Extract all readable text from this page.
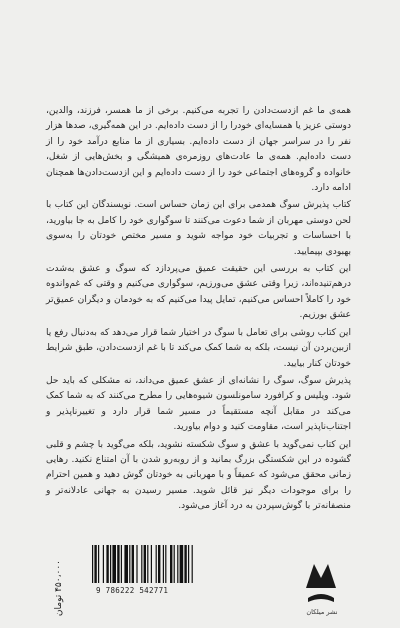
همه‌ی ما غم ازدست‌دادن را تجربه می‌کنیم. برخی از ما همسر، فرزند، والدین، دوستی عزیز یا همسایه‌ای خودرا را از دست داده‌ایم. در این همه‌گیری، صدها هزار نفر را در سراسر جهان از دست داده‌ایم. بسیاری از ما منابع درآمد خود را از دست داده‌ایم. همه‌ی ما عادت‌های روزمره‌ی همیشگی و بخش‌هایی از شغل، خانواده و گروه‌های اجتماعی خود را از دست داده‌ایم و این ازدست‌دادن‌ها همچنان ادامه دارد.

کتاب پذیرش سوگ همدمی برای این زمان حساس است. نویسندگان این کتاب با لحن دوستی مهربان از شما دعوت می‌کنند تا سوگواری خود را کامل به جا بیاورید، با احساسات و تجربیات خود مواجه شوید و مسیر مختص خودتان را به‌سوی بهبودی بپیمایید.

این کتاب به بررسی این حقیقت عمیق می‌پردازد که سوگ و عشق به‌شدت درهم‌تنیده‌اند، زیرا وقتی عشق می‌ورزیم، سوگواری می‌کنیم و وقتی که غم‌واندوه خود را کاملاً احساس می‌کنیم، تمایل پیدا می‌کنیم که به خودمان و دیگران عمیق‌تر عشق بورزیم.

این کتاب روشی برای تعامل با سوگ در اختیار شما قرار می‌دهد که به‌دنبال رفع یا ازبین‌بردن آن نیست، بلکه به شما کمک می‌کند تا با غم ازدست‌دادن، طبق شرایط خودتان کنار بیایید.

پذیرش سوگ، سوگ را نشانه‌ای از عشق عمیق می‌داند، نه مشکلی که باید حل شود. ویلیس و کرافورد سامونلسون شیوه‌هایی را مطرح می‌کنند که به شما کمک می‌کند در مقابل آنچه مستقیماً در مسیر شما قرار دارد و تغییرناپذیر و اجتناب‌ناپذیر است، مقاومت کنید و دوام بیاورید.

این کتاب نمی‌گوید با عشق و سوگ شکسته نشوید، بلکه می‌گوید با چشم و قلبی گشوده در این شکستگی بزرگ بمانید و از روبه‌رو شدن با آن امتناع نکنید. رهایی زمانی محقق می‌شود که عمیقاً و با مهربانی به خودتان گوش دهید و همین احترام را برای موجودات دیگر نیز قائل شوید. مسیر رسیدن به جهانی عادلانه‌تر و منصفانه‌تر با گوش‌سپردن به درد آغاز می‌شود.

۴۵۰،۰۰۰ تومان	9 786222 542771
نشر میلکان
